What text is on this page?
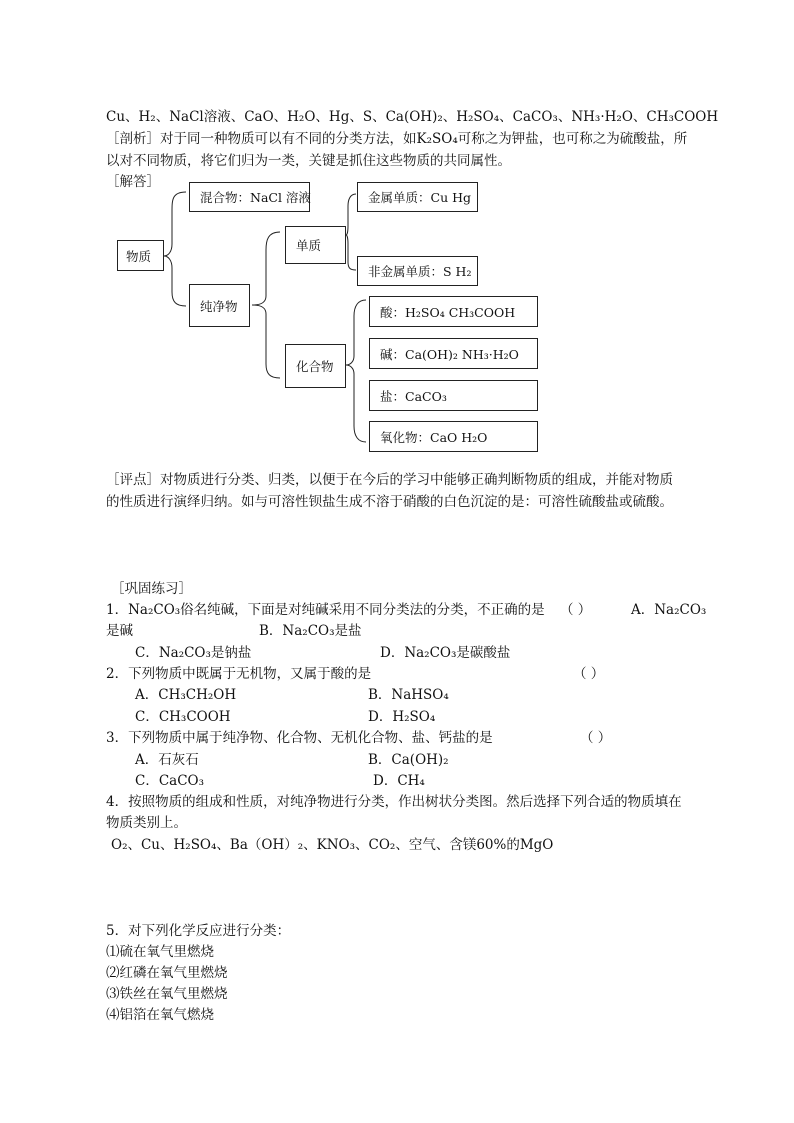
Cu、H₂、NaCl溶液、CaO、H₂O、Hg、S、Ca(OH)₂、H₂SO₄、CaCO₃、NH₃·H₂O、CH₃COOH
［剖析］对于同一种物质可以有不同的分类方法，如K₂SO₄可称之为钾盐，也可称之为硫酸盐，所
以对不同物质，将它们归为一类，关键是抓住这些物质的共同属性。
［解答］
物质
混合物：NaCl 溶液
纯净物
单质
化合物
金属单质：Cu Hg
非金属单质：S H₂
酸：H₂SO₄ CH₃COOH
碱：Ca(OH)₂ NH₃·H₂O
盐：CaCO₃
氧化物：CaO H₂O
［评点］对物质进行分类、归类，以便于在今后的学习中能够正确判断物质的组成，并能对物质
的性质进行演绎归纳。如与可溶性钡盐生成不溶于硝酸的白色沉淀的是：可溶性硫酸盐或硫酸。
［巩固练习］
1．Na₂CO₃俗名纯碱，下面是对纯碱采用不同分类法的分类，不正确的是 （ ）	A．Na₂CO₃
是碱	B．Na₂CO₃是盐
C．Na₂CO₃是钠盐	D．Na₂CO₃是碳酸盐
2．下列物质中既属于无机物，又属于酸的是	（ ）
A．CH₃CH₂OH	B．NaHSO₄
C．CH₃COOH	D．H₂SO₄
3．下列物质中属于纯净物、化合物、无机化合物、盐、钙盐的是	（ ）
A．石灰石	B．Ca(OH)₂
C．CaCO₃	D．CH₄
4．按照物质的组成和性质，对纯净物进行分类，作出树状分类图。然后选择下列合适的物质填在
物质类别上。
O₂、Cu、H₂SO₄、Ba（OH）₂、KNO₃、CO₂、空气、含镁60%的MgO
5．对下列化学反应进行分类：
⑴硫在氧气里燃烧
⑵红磷在氧气里燃烧
⑶铁丝在氧气里燃烧
⑷铝箔在氧气燃烧
